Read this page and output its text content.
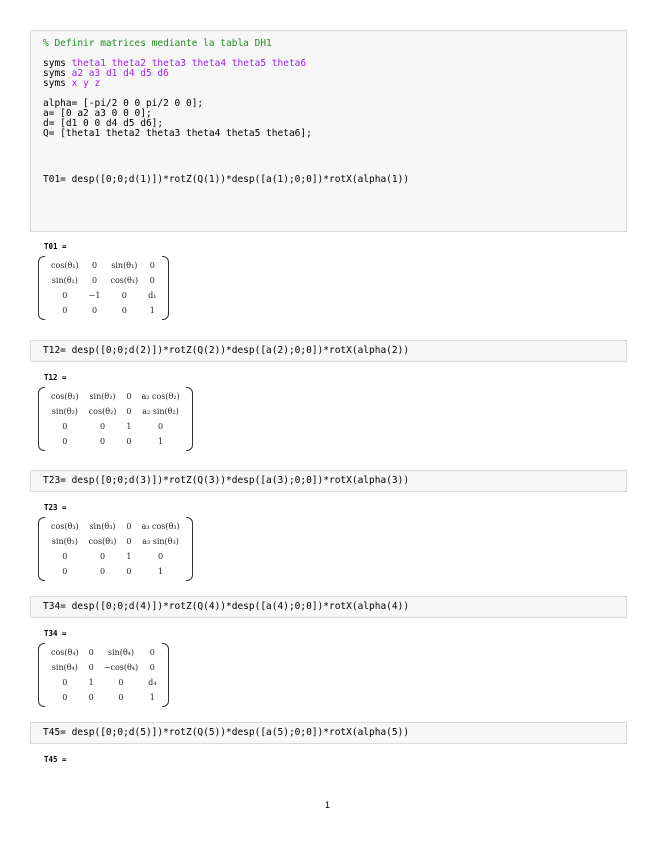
% Definir matrices mediante la tabla DH1
syms theta1 theta2 theta3 theta4 theta5 theta6
syms a2 a3 d1 d4 d5 d6
syms x y z
alpha= [-pi/2 0 0 pi/2 0 0];
a= [0 a2 a3 0 0 0];
d= [d1 0 0 d4 d5 d6];
Q= [theta1 theta2 theta3 theta4 theta5 theta6];
T01= desp([0;0;d(1)])*rotZ(Q(1))*desp([a(1);0;0])*rotX(alpha(1))
T01 =
cos(θ₁)	0	sin(θ₁)	0
sin(θ₁)	0	cos(θ₁)	0
0	−1	0	d₁
0	0	0	1
T12= desp([0;0;d(2)])*rotZ(Q(2))*desp([a(2);0;0])*rotX(alpha(2))
T12 =
cos(θ₂)	sin(θ₂)	0	a₂ cos(θ₂)
sin(θ₂)	cos(θ₂)	0	a₂ sin(θ₂)
0	0	1	0
0	0	0	1
T23= desp([0;0;d(3)])*rotZ(Q(3))*desp([a(3);0;0])*rotX(alpha(3))
T23 =
cos(θ₃)	sin(θ₃)	0	a₃ cos(θ₃)
sin(θ₃)	cos(θ₃)	0	a₃ sin(θ₃)
0	0	1	0
0	0	0	1
T34= desp([0;0;d(4)])*rotZ(Q(4))*desp([a(4);0;0])*rotX(alpha(4))
T34 =
cos(θ₄)	0	sin(θ₄)	0
sin(θ₄)	0	−cos(θ₄)	0
0	1	0	d₄
0	0	0	1
T45= desp([0;0;d(5)])*rotZ(Q(5))*desp([a(5);0;0])*rotX(alpha(5))
T45 =
1
